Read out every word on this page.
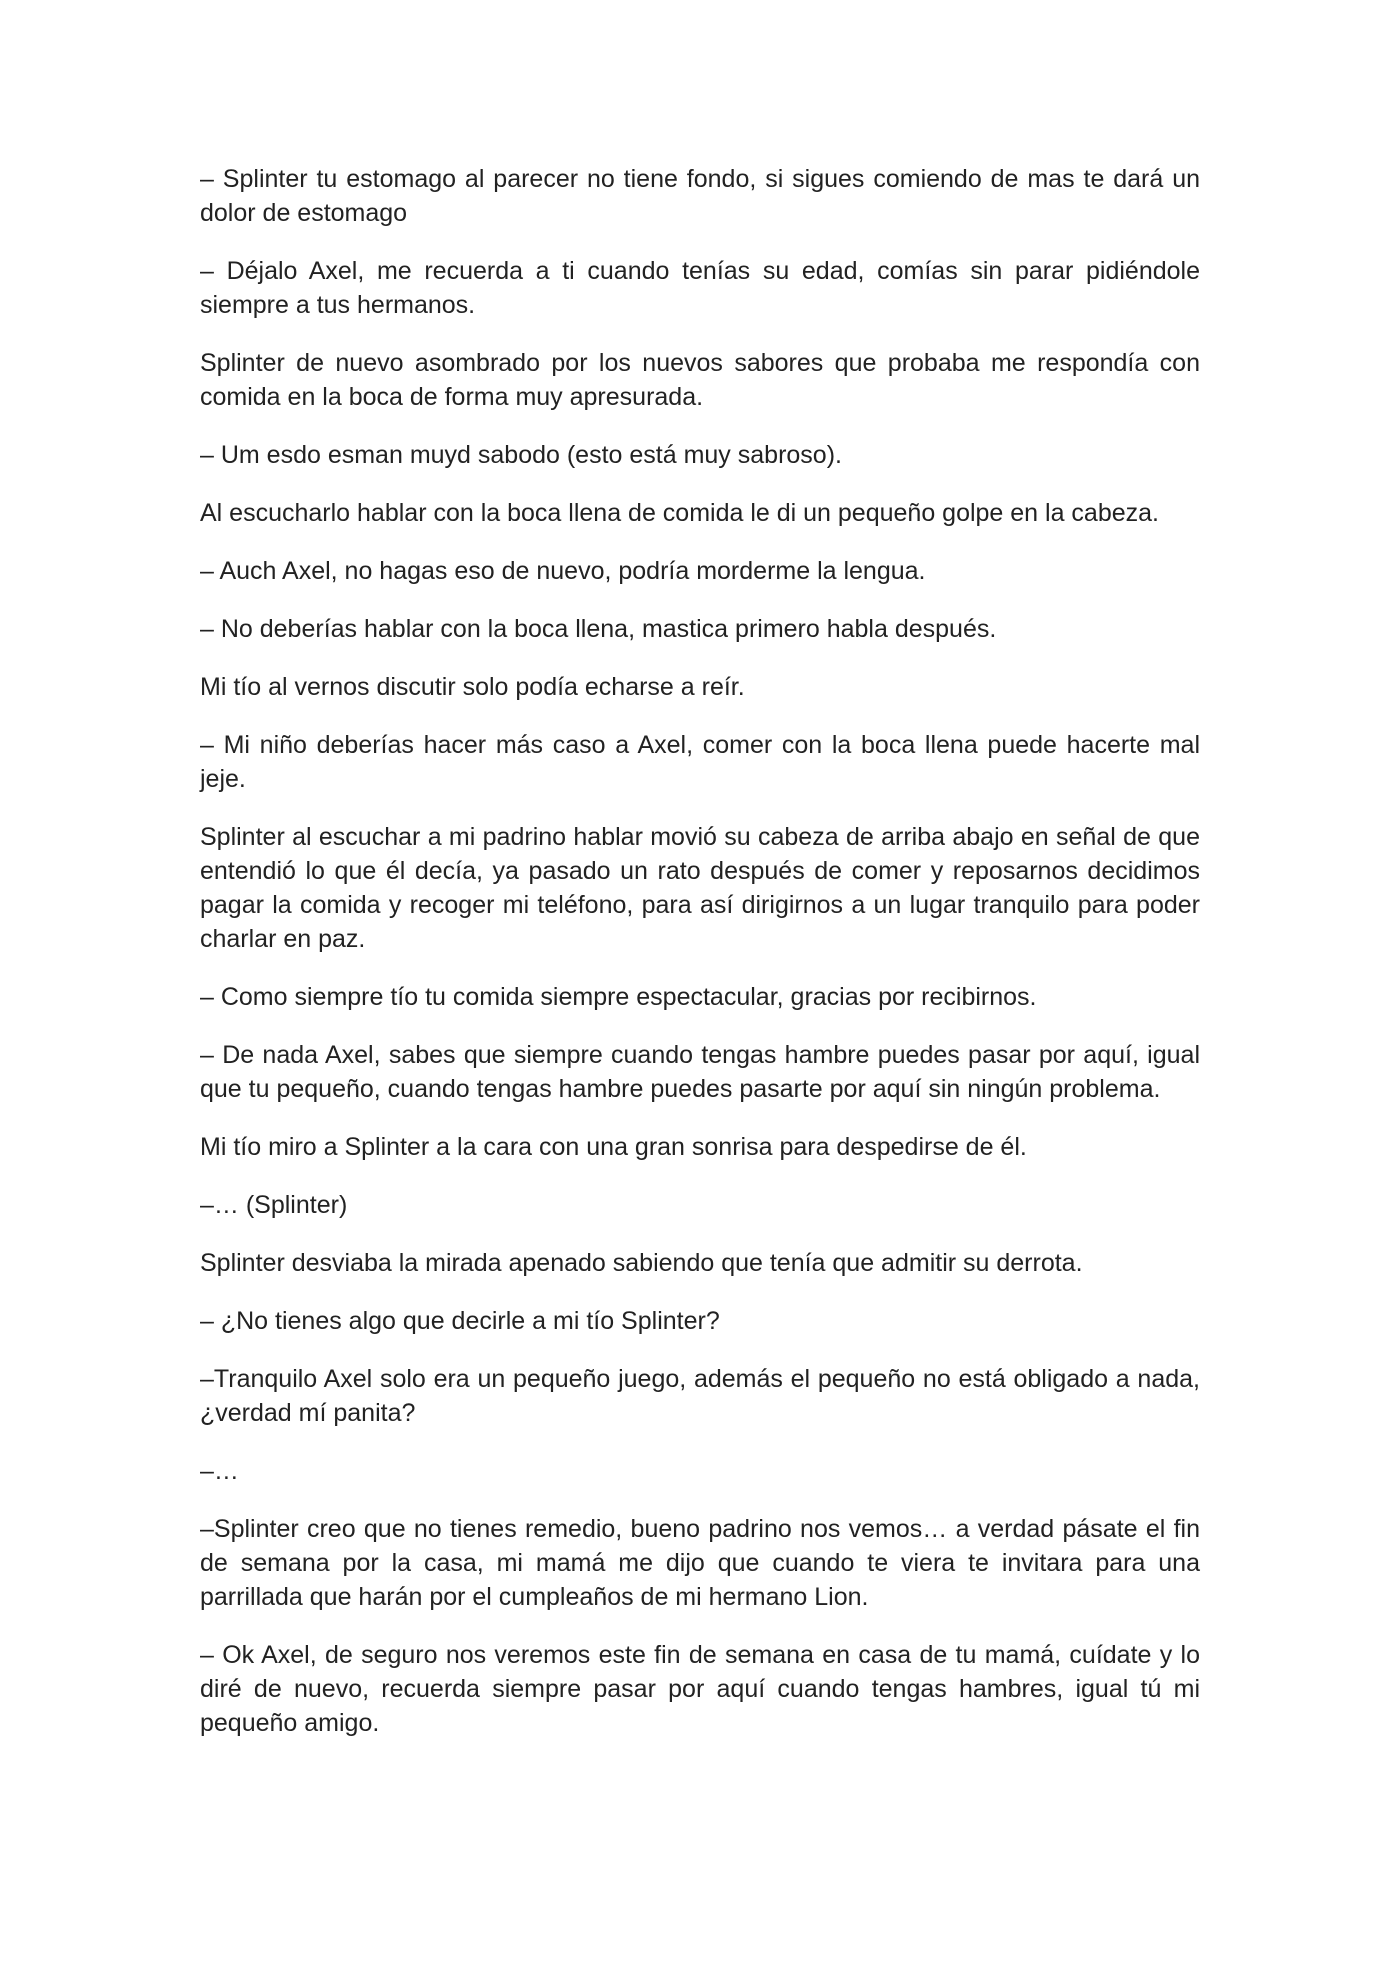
– Splinter tu estomago al parecer no tiene fondo, si sigues comiendo de mas te dará un dolor de estomago

– Déjalo Axel, me recuerda a ti cuando tenías su edad, comías sin parar pidiéndole siempre a tus hermanos.

Splinter de nuevo asombrado por los nuevos sabores que probaba me respondía con comida en la boca de forma muy apresurada.

– Um esdo esman muyd sabodo (esto está muy sabroso).

Al escucharlo hablar con la boca llena de comida le di un pequeño golpe en la cabeza.

– Auch Axel, no hagas eso de nuevo, podría morderme la lengua.

– No deberías hablar con la boca llena, mastica primero habla después.

Mi tío al vernos discutir solo podía echarse a reír.

– Mi niño deberías hacer más caso a Axel, comer con la boca llena puede hacerte mal jeje.

Splinter al escuchar a mi padrino hablar movió su cabeza de arriba abajo en señal de que entendió lo que él decía, ya pasado un rato después de comer y reposarnos decidimos pagar la comida y recoger mi teléfono, para así dirigirnos a un lugar tranquilo para poder charlar en paz.

– Como siempre tío tu comida siempre espectacular, gracias por recibirnos.

– De nada Axel, sabes que siempre cuando tengas hambre puedes pasar por aquí, igual que tu pequeño, cuando tengas hambre puedes pasarte por aquí sin ningún problema.

Mi tío miro a Splinter a la cara con una gran sonrisa para despedirse de él.

–… (Splinter)

Splinter desviaba la mirada apenado sabiendo que tenía que admitir su derrota.

– ¿No tienes algo que decirle a mi tío Splinter?

–Tranquilo Axel solo era un pequeño juego, además el pequeño no está obligado a nada, ¿verdad mí panita?

–…

–Splinter creo que no tienes remedio, bueno padrino nos vemos… a verdad pásate el fin de semana por la casa, mi mamá me dijo que cuando te viera te invitara para una parrillada que harán por el cumpleaños de mi hermano Lion.

– Ok Axel, de seguro nos veremos este fin de semana en casa de tu mamá, cuídate y lo diré de nuevo, recuerda siempre pasar por aquí cuando tengas hambres, igual tú mi pequeño amigo.
